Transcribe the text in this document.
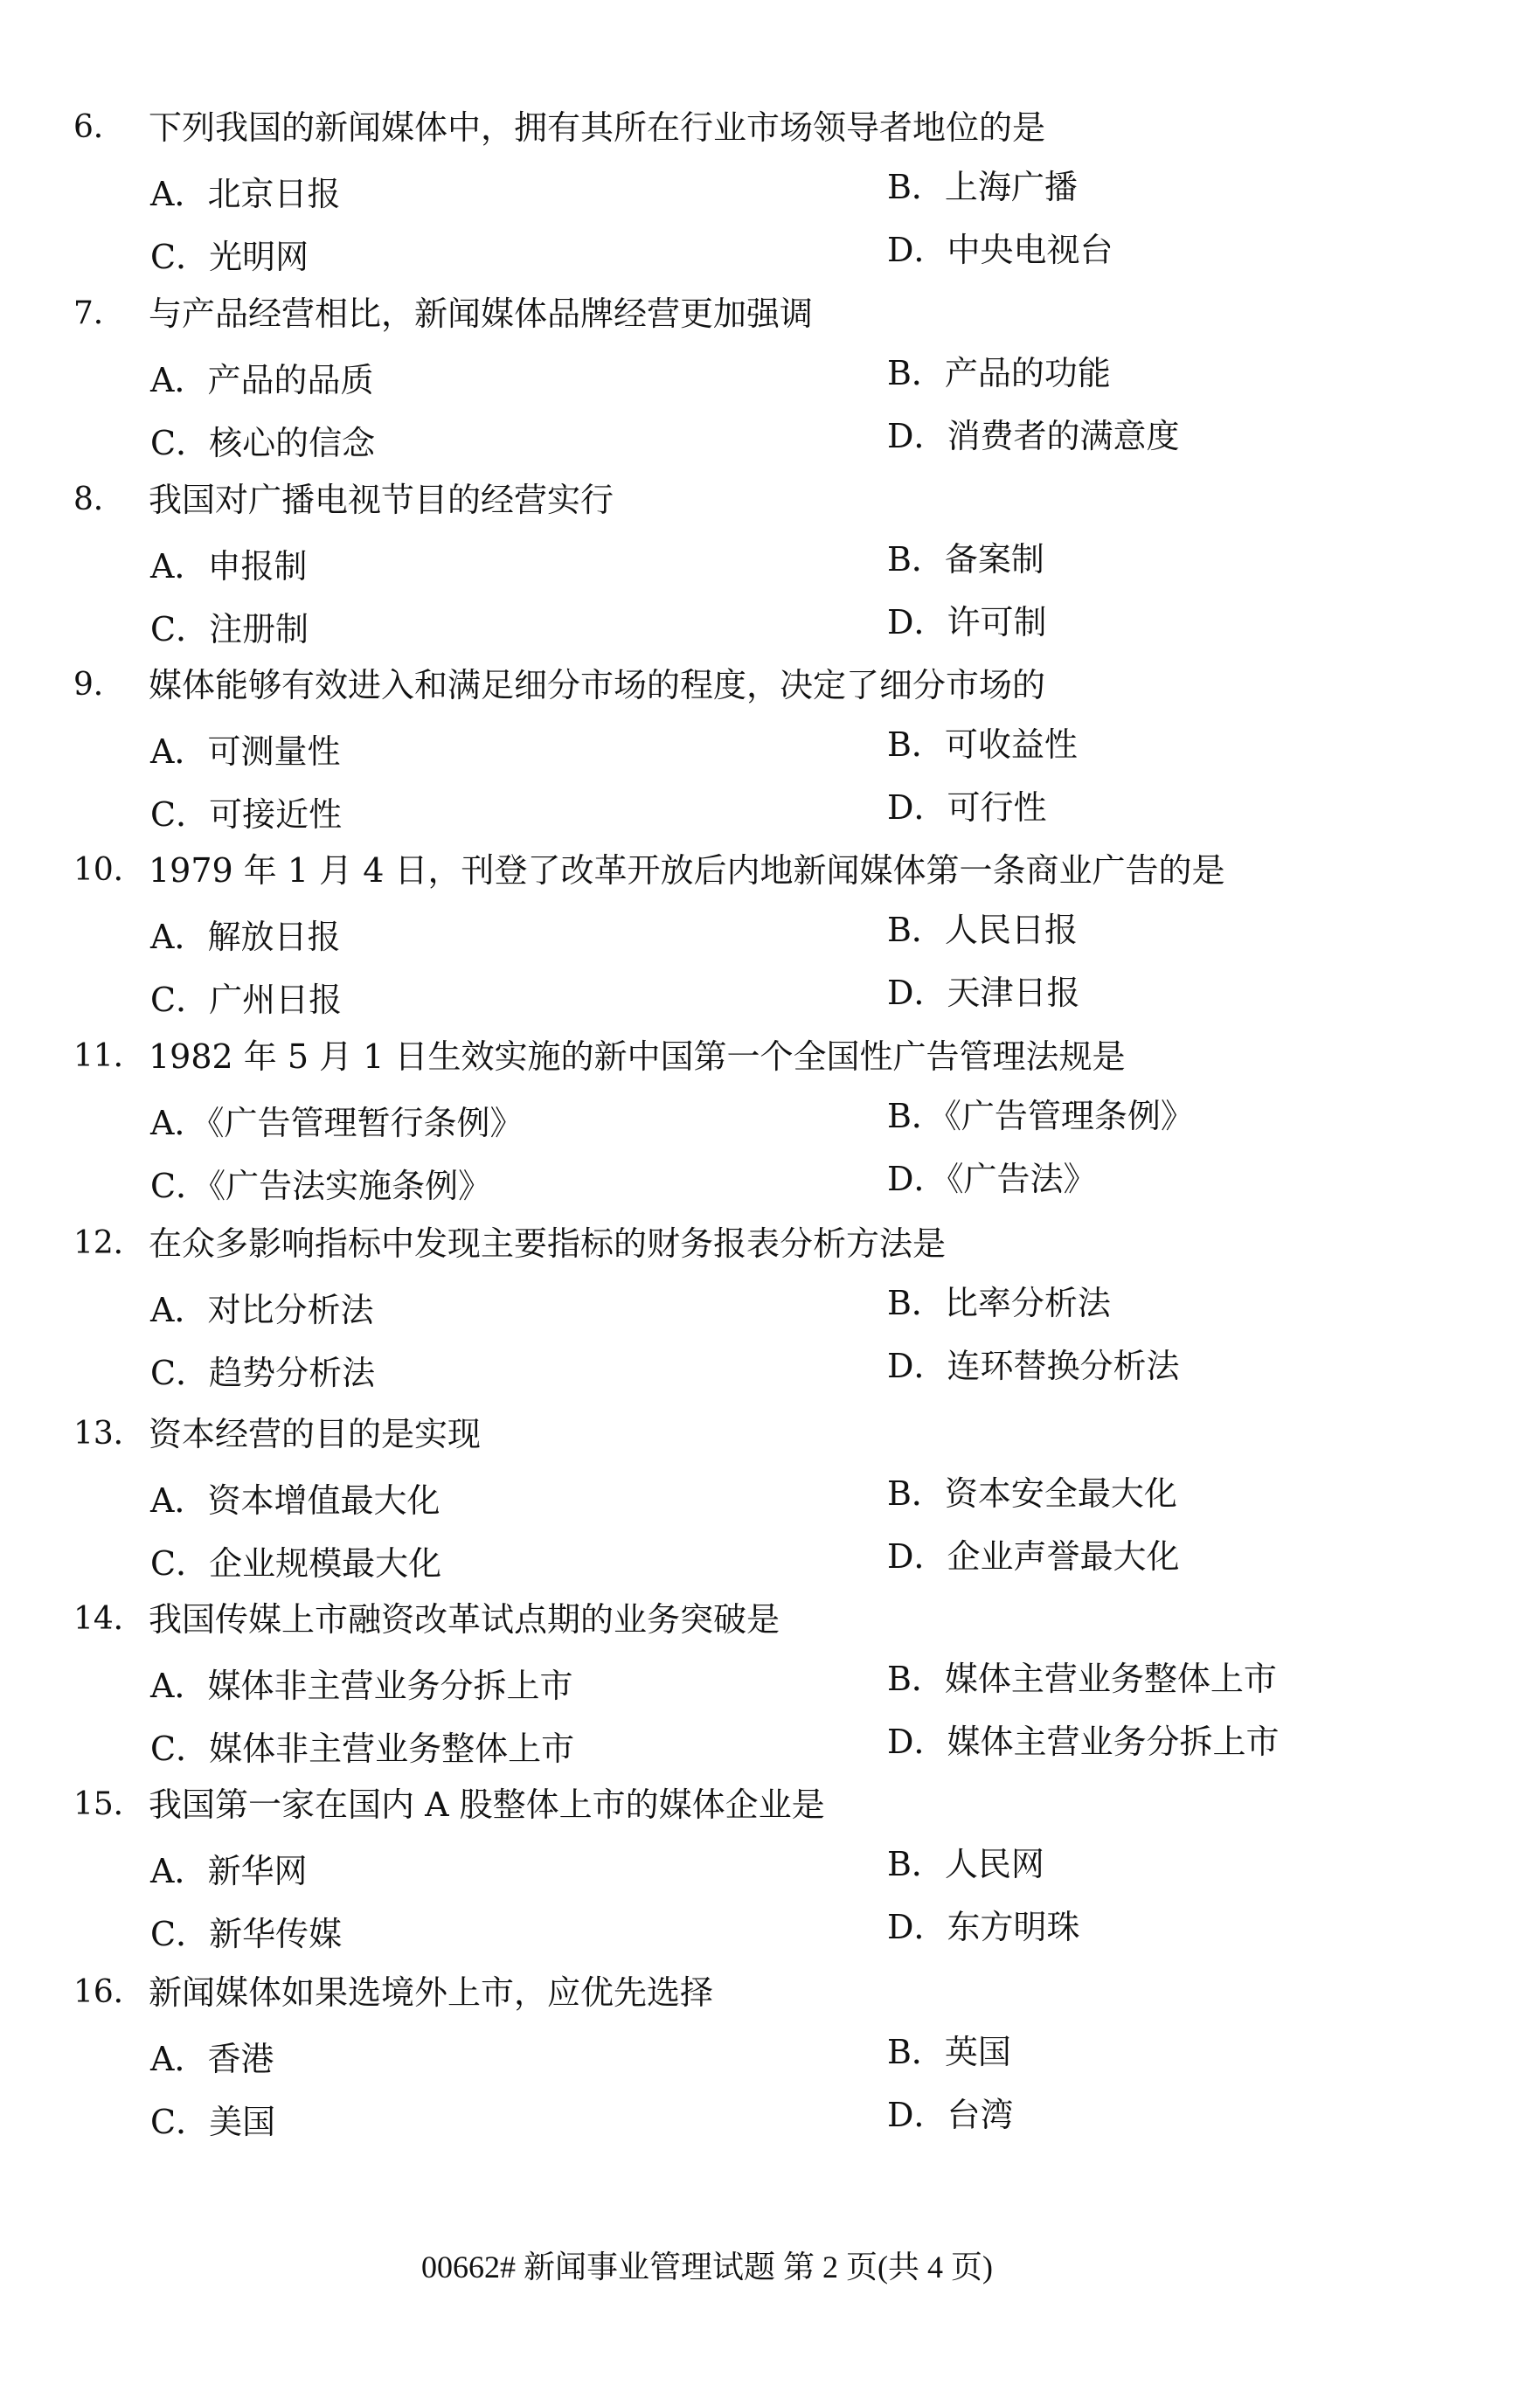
6． 下列我国的新闻媒体中，拥有其所在行业市场领导者地位的是
A．北京日报	B．上海广播
C．光明网	D．中央电视台
7． 与产品经营相比，新闻媒体品牌经营更加强调
A．产品的品质	B．产品的功能
C．核心的信念	D．消费者的满意度
8． 我国对广播电视节目的经营实行
A．申报制	B．备案制
C．注册制	D．许可制
9． 媒体能够有效进入和满足细分市场的程度，决定了细分市场的
A．可测量性	B．可收益性
C．可接近性	D．可行性
10． 1979 年 1 月 4 日，刊登了改革开放后内地新闻媒体第一条商业广告的是
A．解放日报	B．人民日报
C．广州日报	D．天津日报
11． 1982 年 5 月 1 日生效实施的新中国第一个全国性广告管理法规是
A．《广告管理暂行条例》	B．《广告管理条例》
C．《广告法实施条例》	D．《广告法》
12． 在众多影响指标中发现主要指标的财务报表分析方法是
A．对比分析法	B．比率分析法
C．趋势分析法	D．连环替换分析法
13． 资本经营的目的是实现
A．资本增值最大化	B．资本安全最大化
C．企业规模最大化	D．企业声誉最大化
14． 我国传媒上市融资改革试点期的业务突破是
A．媒体非主营业务分拆上市	B．媒体主营业务整体上市
C．媒体非主营业务整体上市	D．媒体主营业务分拆上市
15． 我国第一家在国内 A 股整体上市的媒体企业是
A．新华网	B．人民网
C．新华传媒	D．东方明珠
16． 新闻媒体如果选境外上市，应优先选择
A．香港	B．英国
C．美国	D．台湾
00662# 新闻事业管理试题 第 2 页(共 4 页)
